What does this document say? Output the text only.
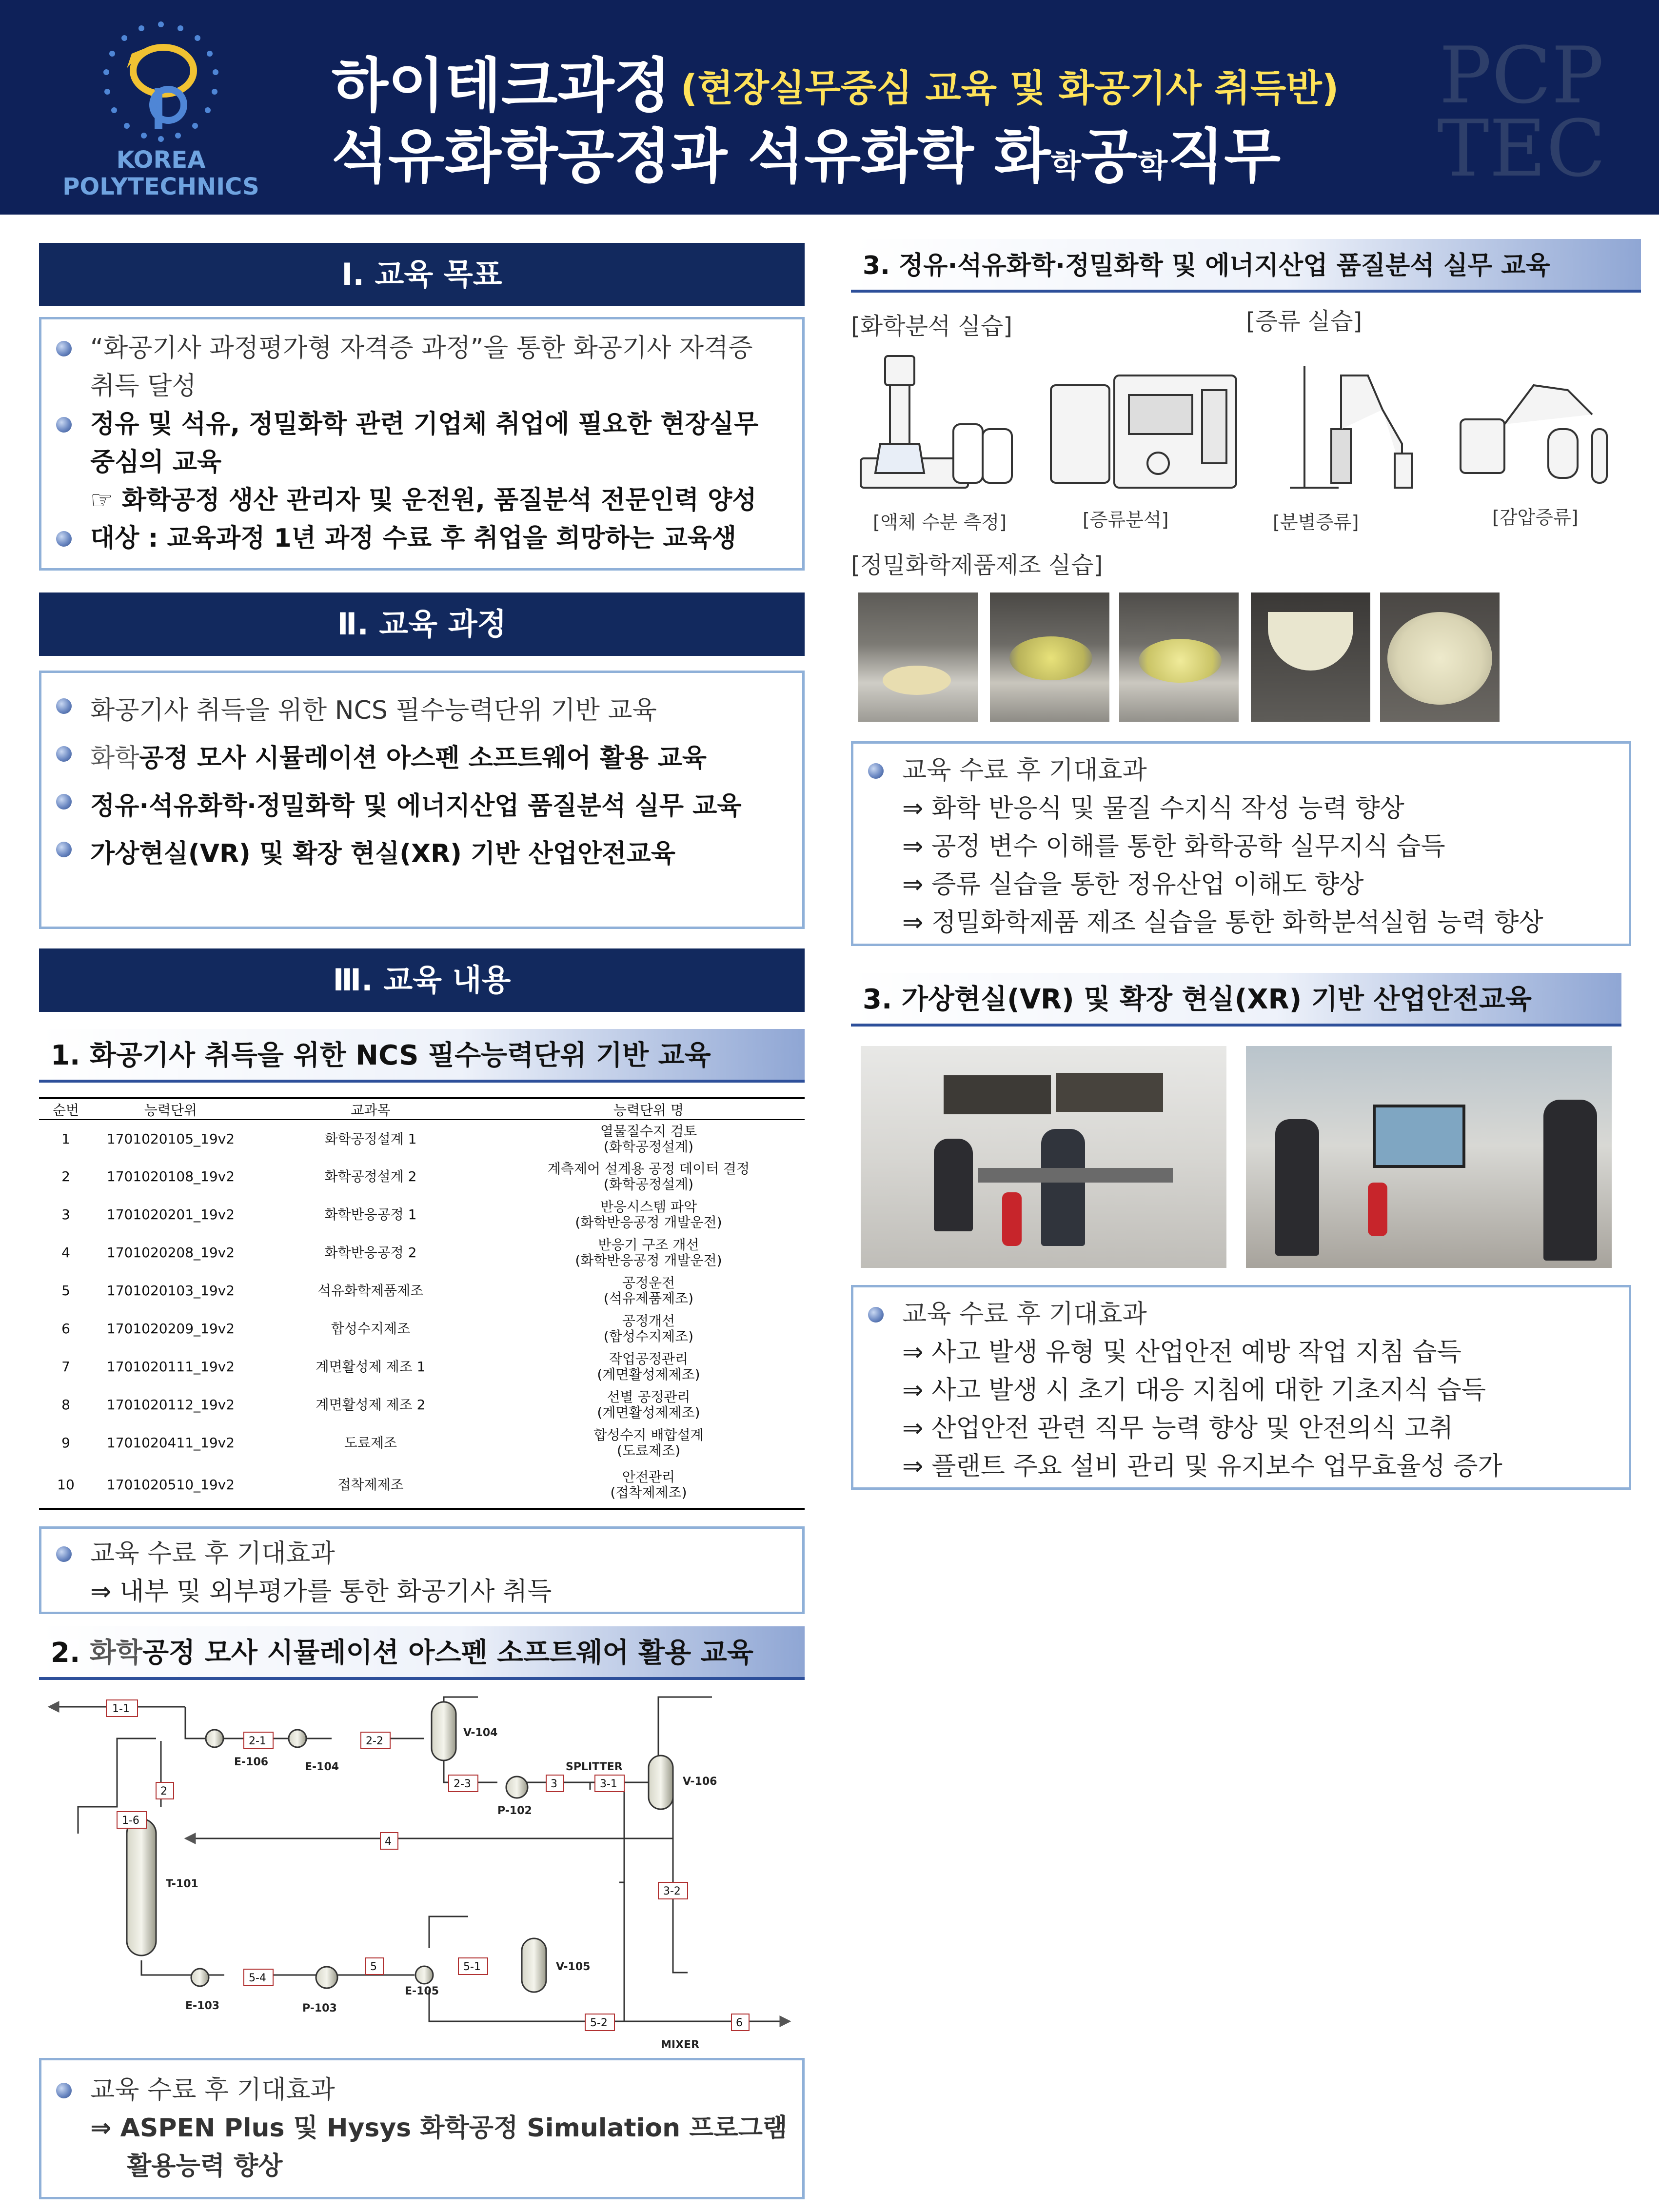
KOREA
POLYTECHNICS
하이테크과정 (현장실무중심 교육 및 화공기사 취득반)
석유화학공정과 석유화학 화학공학직무
PCP
TEC
Ⅰ. 교육 목표
“화공기사 과정평가형 자격증 과정”을 통한 화공기사 자격증
취득 달성
정유 및 석유, 정밀화학 관련 기업체 취업에 필요한 현장실무
중심의 교육
☞ 화학공정 생산 관리자 및 운전원, 품질분석 전문인력 양성
대상 : 교육과정 1년 과정 수료 후 취업을 희망하는 교육생
Ⅱ. 교육 과정
화공기사 취득을 위한 NCS 필수능력단위 기반 교육
화학공정 모사 시뮬레이션 아스펜 소프트웨어 활용 교육
정유·석유화학·정밀화학 및 에너지산업 품질분석 실무 교육
가상현실(VR) 및 확장 현실(XR) 기반 산업안전교육
Ⅲ. 교육 내용
1. 화공기사 취득을 위한 NCS 필수능력단위 기반 교육
순번	능력단위	교과목	능력단위 명
1	1701020105_19v2	화학공정설계 1	열물질수지 검토
(화학공정설계)
2	1701020108_19v2	화학공정설계 2	계측제어 설계용 공정 데이터 결정
(화학공정설계)
3	1701020201_19v2	화학반응공정 1	반응시스템 파악
(화학반응공정 개발운전)
4	1701020208_19v2	화학반응공정 2	반응기 구조 개선
(화학반응공정 개발운전)
5	1701020103_19v2	석유화학제품제조	공정운전
(석유제품제조)
6	1701020209_19v2	합성수지제조	공정개선
(합성수지제조)
7	1701020111_19v2	계면활성제 제조 1	작업공정관리
(계면활성제제조)
8	1701020112_19v2	계면활성제 제조 2	선별 공정관리
(계면활성제제조)
9	1701020411_19v2	도료제조	합성수지 배합설계
(도료제조)
10	1701020510_19v2	접착제제조	안전관리
(접착제제조)
교육 수료 후 기대효과
⇒ 내부 및 외부평가를 통한 화공기사 취득
2. 화학공정 모사 시뮬레이션 아스펜 소프트웨어 활용 교육
1-1
2-1	2-2
2
2-3	3	3-1
1-6
4
3-2
5-4
5	5-1
5-2	6
E-106	E-104
V-104
SPLITTER
V-106
P-102
T-101
E-103	P-103
E-105
V-105
MIXER
교육 수료 후 기대효과
⇒ ASPEN Plus 및 Hysys 화학공정 Simulation 프로그램
활용능력 향상
3. 정유·석유화학·정밀화학 및 에너지산업 품질분석 실무 교육
[화학분석 실습]	[증류 실습]
[액체 수분 측정]	[증류분석]	[분별증류]	[감압증류]
[정밀화학제품제조 실습]
교육 수료 후 기대효과
⇒ 화학 반응식 및 물질 수지식 작성 능력 향상
⇒ 공정 변수 이해를 통한 화학공학 실무지식 습득
⇒ 증류 실습을 통한 정유산업 이해도 향상
⇒ 정밀화학제품 제조 실습을 통한 화학분석실험 능력 향상
3. 가상현실(VR) 및 확장 현실(XR) 기반 산업안전교육
교육 수료 후 기대효과
⇒ 사고 발생 유형 및 산업안전 예방 작업 지침 습득
⇒ 사고 발생 시 초기 대응 지침에 대한 기초지식 습득
⇒ 산업안전 관련 직무 능력 향상 및 안전의식 고취
⇒ 플랜트 주요 설비 관리 및 유지보수 업무효율성 증가
